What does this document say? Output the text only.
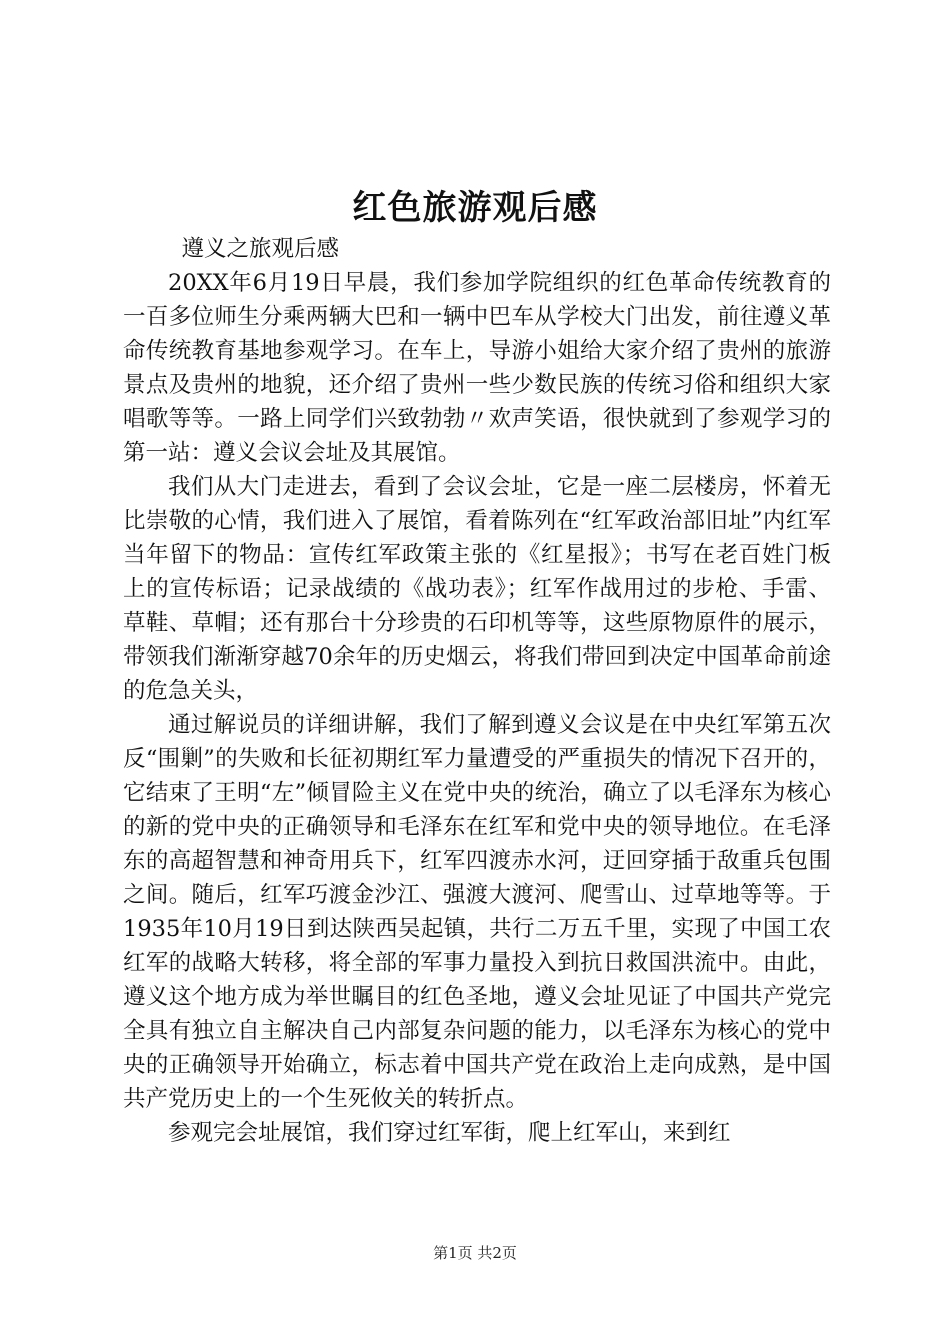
红色旅游观后感

遵义之旅观后感

20XX年6月19日早晨，我们参加学院组织的红色革命传统教育的一百多位师生分乘两辆大巴和一辆中巴车从学校大门出发，前往遵义革命传统教育基地参观学习。在车上，导游小姐给大家介绍了贵州的旅游景点及贵州的地貌，还介绍了贵州一些少数民族的传统习俗和组织大家唱歌等等。一路上同学们兴致勃勃〃欢声笑语，很快就到了参观学习的第一站：遵义会议会址及其展馆。

我们从大门走进去，看到了会议会址，它是一座二层楼房，怀着无比崇敬的心情，我们进入了展馆，看着陈列在“红军政治部旧址”内红军当年留下的物品：宣传红军政策主张的《红星报》；书写在老百姓门板上的宣传标语；记录战绩的《战功表》；红军作战用过的步枪、手雷、草鞋、草帽；还有那台十分珍贵的石印机等等，这些原物原件的展示，带领我们渐渐穿越70余年的历史烟云，将我们带回到决定中国革命前途的危急关头，

通过解说员的详细讲解，我们了解到遵义会议是在中央红军第五次反“围剿”的失败和长征初期红军力量遭受的严重损失的情况下召开的，它结束了王明“左”倾冒险主义在党中央的统治，确立了以毛泽东为核心的新的党中央的正确领导和毛泽东在红军和党中央的领导地位。在毛泽东的高超智慧和神奇用兵下，红军四渡赤水河，迂回穿插于敌重兵包围之间。随后，红军巧渡金沙江、强渡大渡河、爬雪山、过草地等等。于1935年10月19日到达陕西吴起镇，共行二万五千里，实现了中国工农红军的战略大转移，将全部的军事力量投入到抗日救国洪流中。由此，遵义这个地方成为举世瞩目的红色圣地，遵义会址见证了中国共产党完全具有独立自主解决自己内部复杂问题的能力，以毛泽东为核心的党中央的正确领导开始确立，标志着中国共产党在政治上走向成熟，是中国共产党历史上的一个生死攸关的转折点。

参观完会址展馆，我们穿过红军街，爬上红军山，来到红

第1页 共2页
